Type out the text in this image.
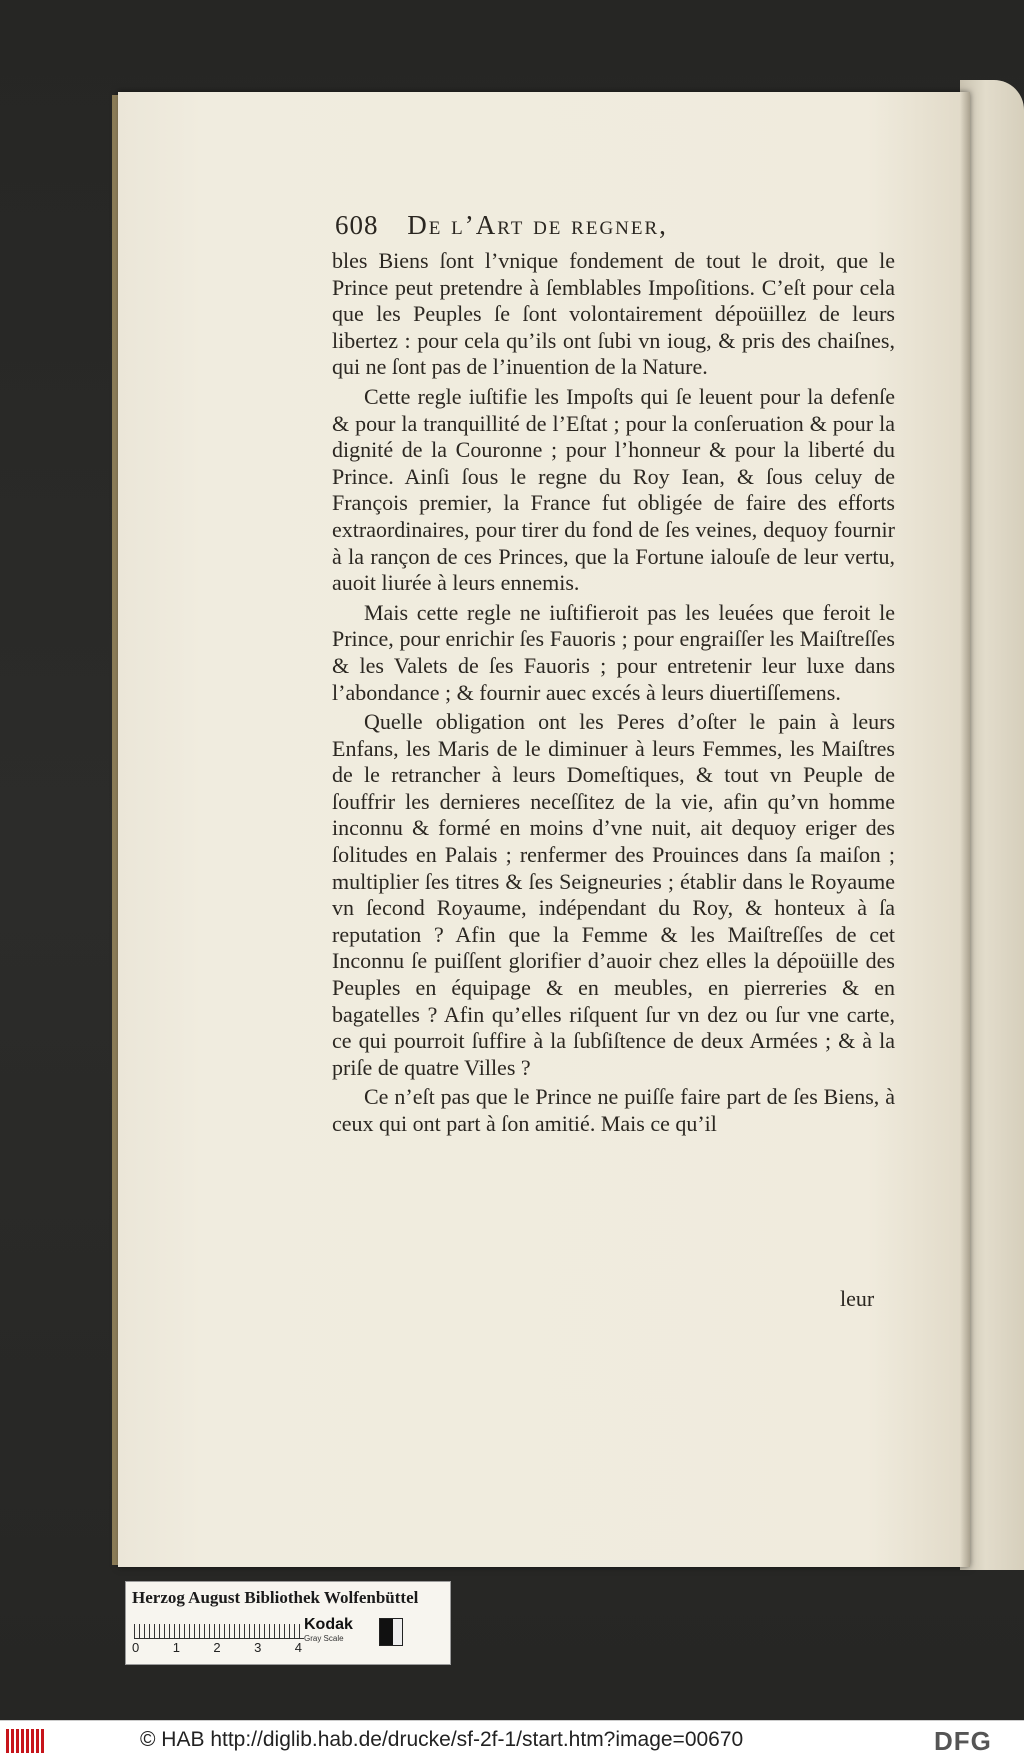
608 De l’Art de regner,

bles Biens ſont l’vnique fondement de tout le droit, que le Prince peut pretendre à ſemblables Impoſitions. C’eſt pour cela que les Peuples ſe ſont volontairement dépoüillez de leurs libertez : pour cela qu’ils ont ſubi vn ioug, & pris des chaiſnes, qui ne ſont pas de l’inuention de la Nature.

Cette regle iuſtifie les Impoſts qui ſe leuent pour la defenſe & pour la tranquillité de l’Eſtat ; pour la conſeruation & pour la dignité de la Couronne ; pour l’honneur & pour la liberté du Prince. Ainſi ſous le regne du Roy Iean, & ſous celuy de François premier, la France fut obligée de faire des efforts extraordinaires, pour tirer du fond de ſes veines, dequoy fournir à la rançon de ces Princes, que la Fortune ialouſe de leur vertu, auoit liurée à leurs ennemis.

Mais cette regle ne iuſtifieroit pas les leuées que feroit le Prince, pour enrichir ſes Fauoris ; pour engraiſſer les Maiſtreſſes & les Valets de ſes Fauoris ; pour entretenir leur luxe dans l’abondance ; & fournir auec excés à leurs diuertiſſemens.

Quelle obligation ont les Peres d’oſter le pain à leurs Enfans, les Maris de le diminuer à leurs Femmes, les Maiſtres de le retrancher à leurs Domeſtiques, & tout vn Peuple de ſouffrir les dernieres neceſſitez de la vie, afin qu’vn homme inconnu & formé en moins d’vne nuit, ait dequoy eriger des ſolitudes en Palais ; renfermer des Prouinces dans ſa maiſon ; multiplier ſes titres & ſes Seigneuries ; établir dans le Royaume vn ſecond Royaume, indépendant du Roy, & honteux à ſa reputation ? Afin que la Femme & les Maiſtreſſes de cet Inconnu ſe puiſſent glorifier d’auoir chez elles la dépoüille des Peuples en équipage & en meubles, en pierreries & en bagatelles ? Afin qu’elles riſquent ſur vn dez ou ſur vne carte, ce qui pourroit ſuffire à la ſubſiſtence de deux Armées ; & à la priſe de quatre Villes ?

Ce n’eſt pas que le Prince ne puiſſe faire part de ſes Biens, à ceux qui ont part à ſon amitié. Mais ce qu’il

leur
Herzog August Bibliothek Wolfenbüttel
0	1	2	3	4
Kodak
Gray Scale
© HAB http://diglib.hab.de/drucke/sf-2f-1/start.htm?image=00670	DFG
